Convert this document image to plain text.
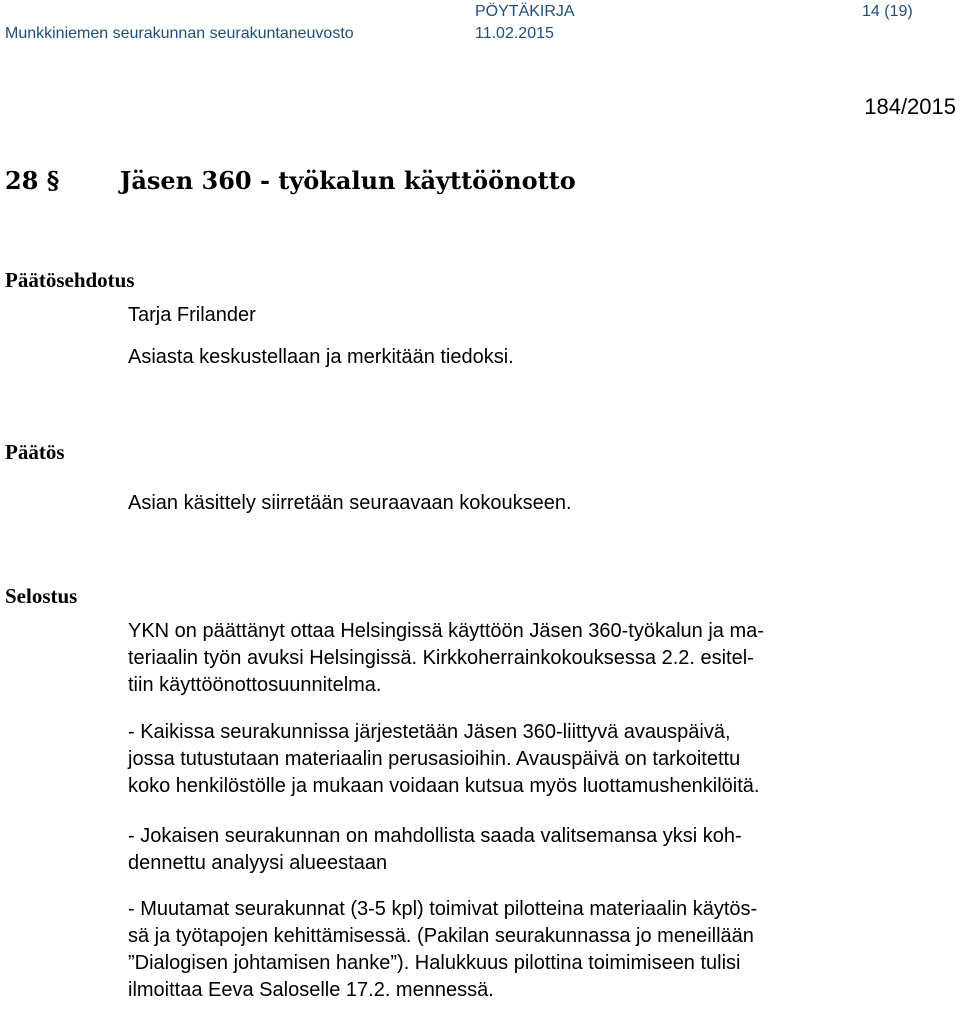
Munkkiniemen seurakunnan seurakuntaneuvosto
PÖYTÄKIRJA
11.02.2015
14 (19)
184/2015
28 §	Jäsen 360 - työkalun käyttöönotto
Päätösehdotus
Tarja Frilander
Asiasta keskustellaan ja merkitään tiedoksi.
Päätös
Asian käsittely siirretään seuraavaan kokoukseen.
Selostus
YKN on päättänyt ottaa Helsingissä käyttöön Jäsen 360-työkalun ja ma-
teriaalin työn avuksi Helsingissä. Kirkkoherrainkokouksessa 2.2. esitel-
tiin käyttöönottosuunnitelma.
- Kaikissa seurakunnissa järjestetään Jäsen 360-liittyvä avauspäivä,
jossa tutustutaan materiaalin perusasioihin. Avauspäivä on tarkoitettu
koko henkilöstölle ja mukaan voidaan kutsua myös luottamushenkilöitä.
- Jokaisen seurakunnan on mahdollista saada valitsemansa yksi koh-
dennettu analyysi alueestaan
- Muutamat seurakunnat (3-5 kpl) toimivat pilotteina materiaalin käytös-
sä ja työtapojen kehittämisessä. (Pakilan seurakunnassa jo meneillään
”Dialogisen johtamisen hanke”). Halukkuus pilottina toimimiseen tulisi
ilmoittaa Eeva Saloselle 17.2. mennessä.
